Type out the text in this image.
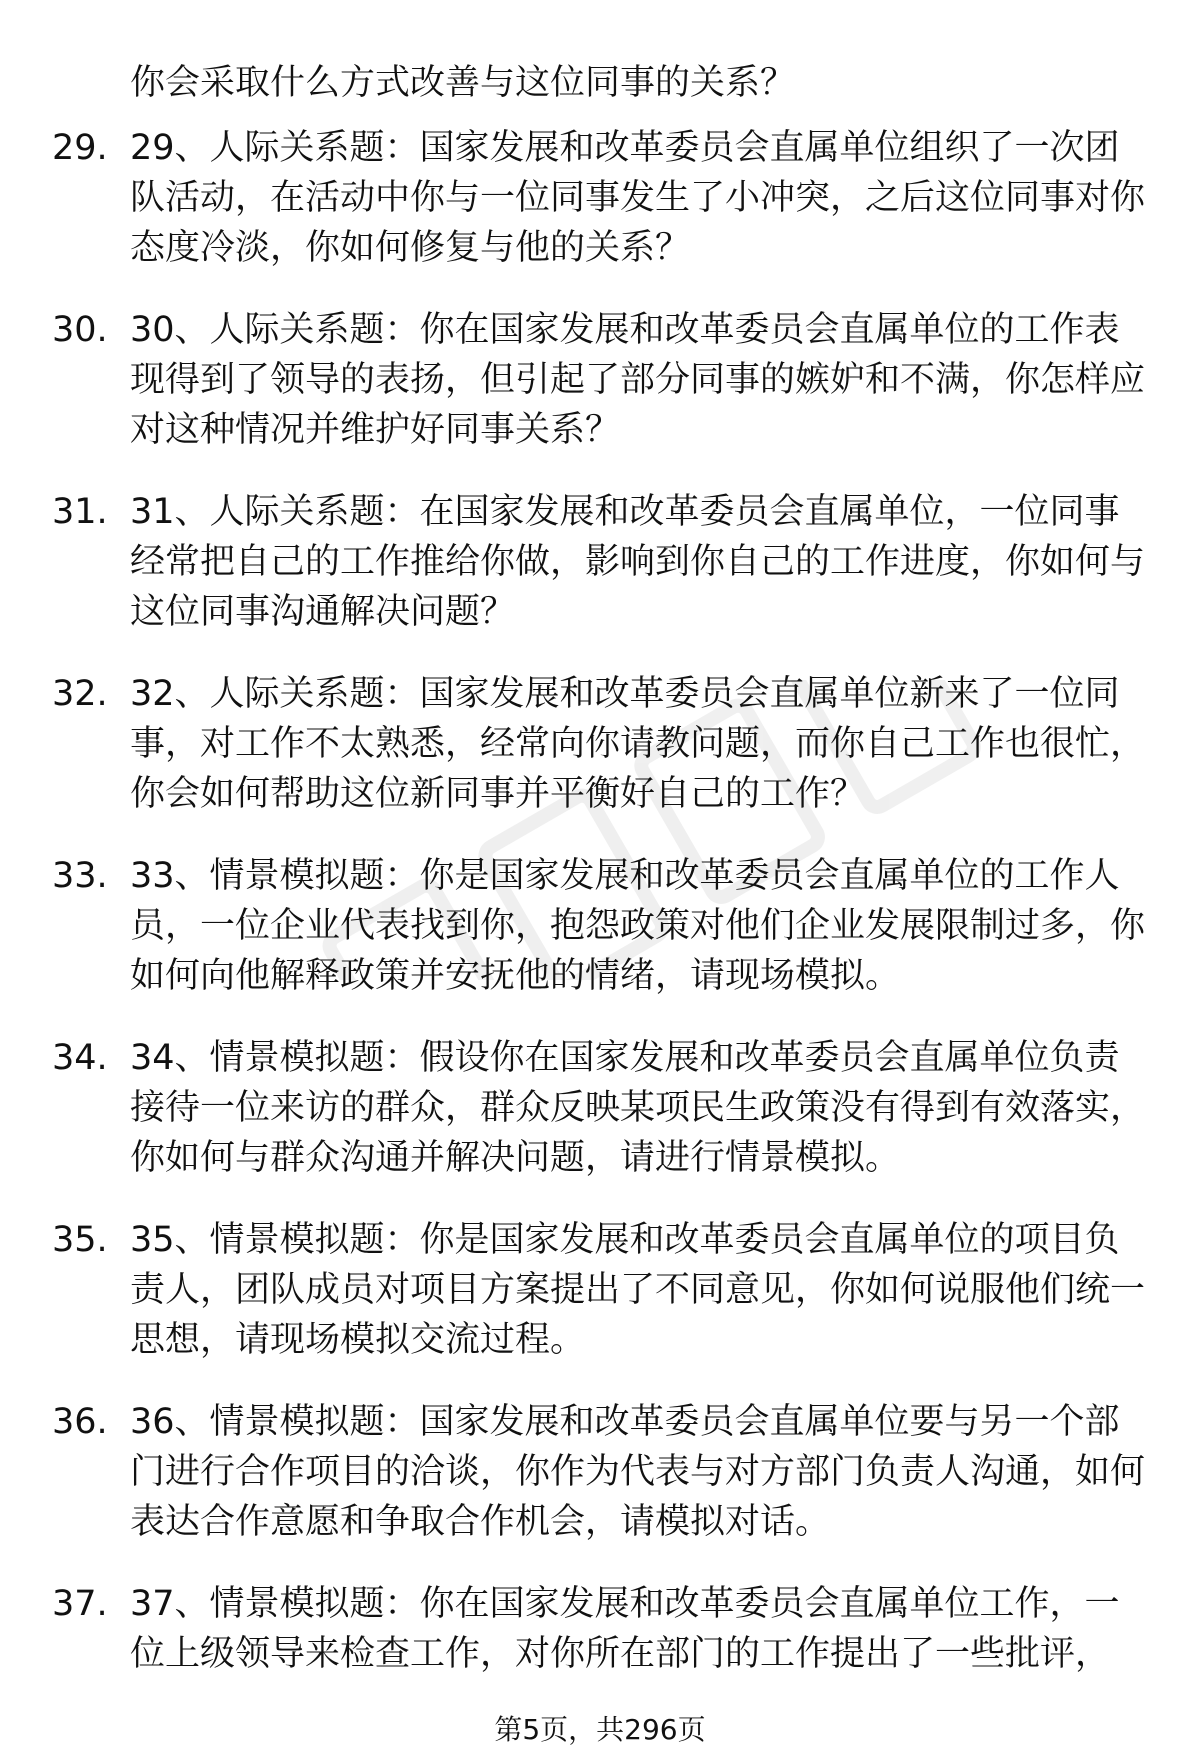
你会采取什么方式改善与这位同事的关系？

29. 29、人际关系题：国家发展和改革委员会直属单位组织了一次团队活动，在活动中你与一位同事发生了小冲突，之后这位同事对你态度冷淡，你如何修复与他的关系？

30. 30、人际关系题：你在国家发展和改革委员会直属单位的工作表现得到了领导的表扬，但引起了部分同事的嫉妒和不满，你怎样应对这种情况并维护好同事关系？

31. 31、人际关系题：在国家发展和改革委员会直属单位，一位同事经常把自己的工作推给你做，影响到你自己的工作进度，你如何与这位同事沟通解决问题？

32. 32、人际关系题：国家发展和改革委员会直属单位新来了一位同事，对工作不太熟悉，经常向你请教问题，而你自己工作也很忙，你会如何帮助这位新同事并平衡好自己的工作？

33. 33、情景模拟题：你是国家发展和改革委员会直属单位的工作人员，一位企业代表找到你，抱怨政策对他们企业发展限制过多，你如何向他解释政策并安抚他的情绪，请现场模拟。

34. 34、情景模拟题：假设你在国家发展和改革委员会直属单位负责接待一位来访的群众，群众反映某项民生政策没有得到有效落实，你如何与群众沟通并解决问题，请进行情景模拟。

35. 35、情景模拟题：你是国家发展和改革委员会直属单位的项目负责人，团队成员对项目方案提出了不同意见，你如何说服他们统一思想，请现场模拟交流过程。

36. 36、情景模拟题：国家发展和改革委员会直属单位要与另一个部门进行合作项目的洽谈，你作为代表与对方部门负责人沟通，如何表达合作意愿和争取合作机会，请模拟对话。

37. 37、情景模拟题：你在国家发展和改革委员会直属单位工作，一位上级领导来检查工作，对你所在部门的工作提出了一些批评，

第5页，共296页
